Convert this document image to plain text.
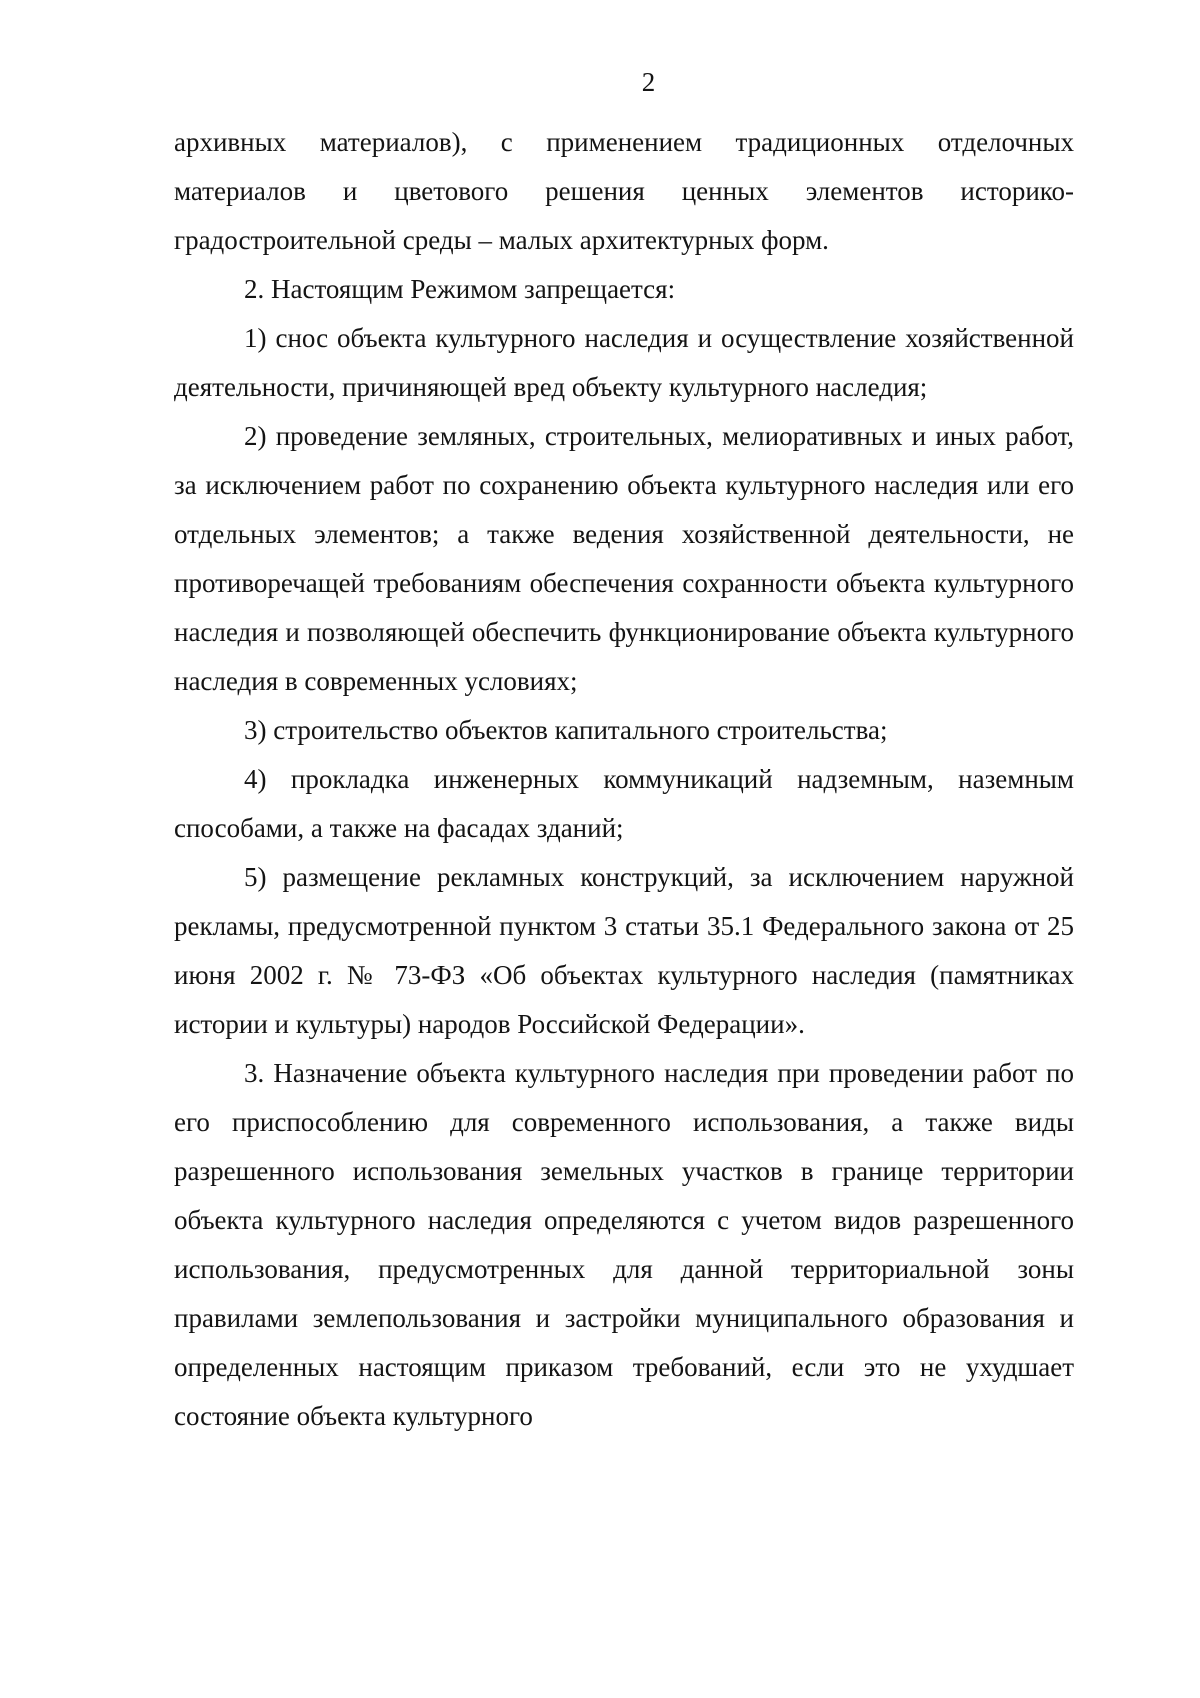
2

архивных материалов), с применением традиционных отделочных материалов и цветового решения ценных элементов историко-градостроительной среды – малых архитектурных форм.

2. Настоящим Режимом запрещается:

1) снос объекта культурного наследия и осуществление хозяйственной деятельности, причиняющей вред объекту культурного наследия;

2) проведение земляных, строительных, мелиоративных и иных работ, за исключением работ по сохранению объекта культурного наследия или его отдельных элементов; а также ведения хозяйственной деятельности, не противоречащей требованиям обеспечения сохранности объекта культурного наследия и позволяющей обеспечить функционирование объекта культурного наследия в современных условиях;

3) строительство объектов капитального строительства;

4) прокладка инженерных коммуникаций надземным, наземным способами, а также на фасадах зданий;

5) размещение рекламных конструкций, за исключением наружной рекламы, предусмотренной пунктом 3 статьи 35.1 Федерального закона от 25 июня 2002 г. № 73-ФЗ «Об объектах культурного наследия (памятниках истории и культуры) народов Российской Федерации».

3. Назначение объекта культурного наследия при проведении работ по его приспособлению для современного использования, а также виды разрешенного использования земельных участков в границе территории объекта культурного наследия определяются с учетом видов разрешенного использования, предусмотренных для данной территориальной зоны правилами землепользования и застройки муниципального образования и определенных настоящим приказом требований, если это не ухудшает состояние объекта культурного
